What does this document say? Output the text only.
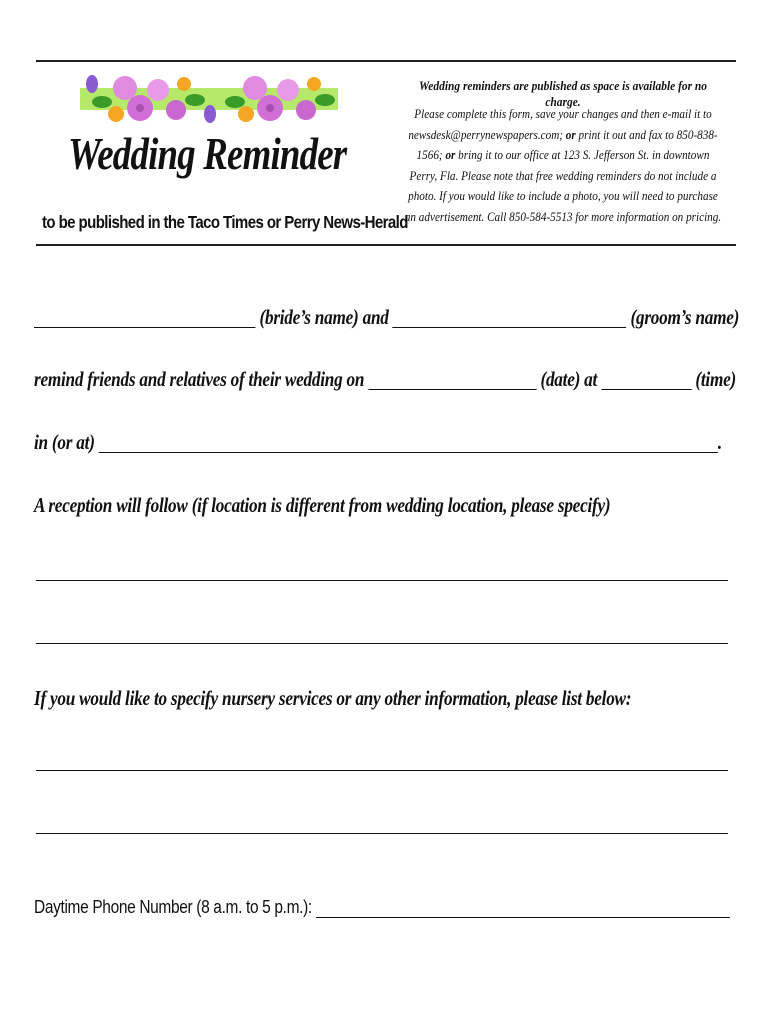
Wedding Reminder
to be published in the Taco Times or Perry News-Herald
Wedding reminders are published as space is available for no charge.
Please complete this form, save your changes and then e-mail it to newsdesk@perrynewspapers.com; or print it out and fax to 850-838-1566; or bring it to our office at 123 S. Jefferson St. in downtown Perry, Fla. Please note that free wedding reminders do not include a photo. If you would like to include a photo, you will need to purchase an advertisement. Call 850-584-5513 for more information on pricing.
(bride’s name) and	(groom’s name)
remind friends and relatives of their wedding on	(date) at	(time)
in (or at)	.
A reception will follow (if location is different from wedding location, please specify)
If you would like to specify nursery services or any other information, please list below:
Daytime Phone Number (8 a.m. to 5 p.m.):
